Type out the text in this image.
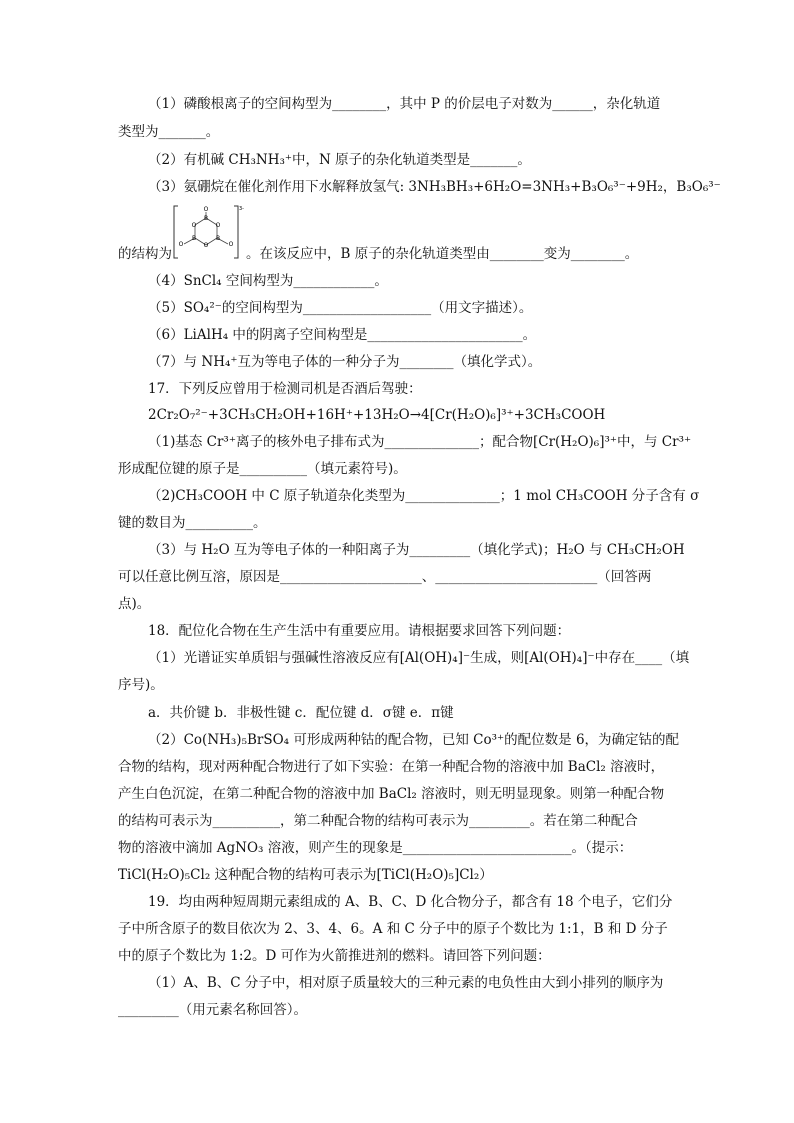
（1）磷酸根离子的空间构型为________，其中 P 的价层电子对数为______，杂化轨道
类型为_______。
（2）有机碱 CH₃NH₃⁺中，N 原子的杂化轨道类型是_______。
（3）氨硼烷在催化剂作用下水解释放氢气: 3NH₃BH₃+6H₂O=3NH₃+B₃O₆³⁻+9H₂，B₃O₆³⁻
的结构为
O
B
O
B
O
B
O
O	O
3-
。在该反应中，B 原子的杂化轨道类型由________变为________。
（4）SnCl₄ 空间构型为____________。
（5）SO₄²⁻的空间构型为___________________（用文字描述）。
（6）LiAlH₄ 中的阴离子空间构型是_______________________。
（7）与 NH₄⁺互为等电子体的一种分子为________（填化学式）。
17．下列反应曾用于检测司机是否酒后驾驶：
2Cr₂O₇²⁻+3CH₃CH₂OH+16H⁺+13H₂O→4[Cr(H₂O)₆]³⁺+3CH₃COOH
（1)基态 Cr³⁺离子的核外电子排布式为______________；配合物[Cr(H₂O)₆]³⁺中，与 Cr³⁺
形成配位键的原子是__________（填元素符号)。
（2)CH₃COOH 中 C 原子轨道杂化类型为______________；1 mol CH₃COOH 分子含有 σ
键的数目为__________。
（3）与 H₂O 互为等电子体的一种阳离子为_________（填化学式)；H₂O 与 CH₃CH₂OH
可以任意比例互溶，原因是_____________________、________________________（回答两
点)。
18．配位化合物在生产生活中有重要应用。请根据要求回答下列问题：
（1）光谱证实单质铝与强碱性溶液反应有[Al(OH)₄]⁻生成，则[Al(OH)₄]⁻中存在____（填
序号)。
a．共价键 b．非极性键 c．配位键 d．σ键 e．π键
（2）Co(NH₃)₅BrSO₄ 可形成两种钴的配合物，已知 Co³⁺的配位数是 6，为确定钴的配
合物的结构，现对两种配合物进行了如下实验：在第一种配合物的溶液中加 BaCl₂ 溶液时，
产生白色沉淀，在第二种配合物的溶液中加 BaCl₂ 溶液时，则无明显现象。则第一种配合物
的结构可表示为__________，第二种配合物的结构可表示为_________。若在第二种配合
物的溶液中滴加 AgNO₃ 溶液，则产生的现象是_________________________。（提示：
TiCl(H₂O)₅Cl₂ 这种配合物的结构可表示为[TiCl(H₂O)₅]Cl₂）
19．均由两种短周期元素组成的 A、B、C、D 化合物分子，都含有 18 个电子，它们分
子中所含原子的数目依次为 2、3、4、6。A 和 C 分子中的原子个数比为 1:1，B 和 D 分子
中的原子个数比为 1:2。D 可作为火箭推进剂的燃料。请回答下列问题：
（1）A、B、C 分子中，相对原子质量较大的三种元素的电负性由大到小排列的顺序为
_________（用元素名称回答）。
